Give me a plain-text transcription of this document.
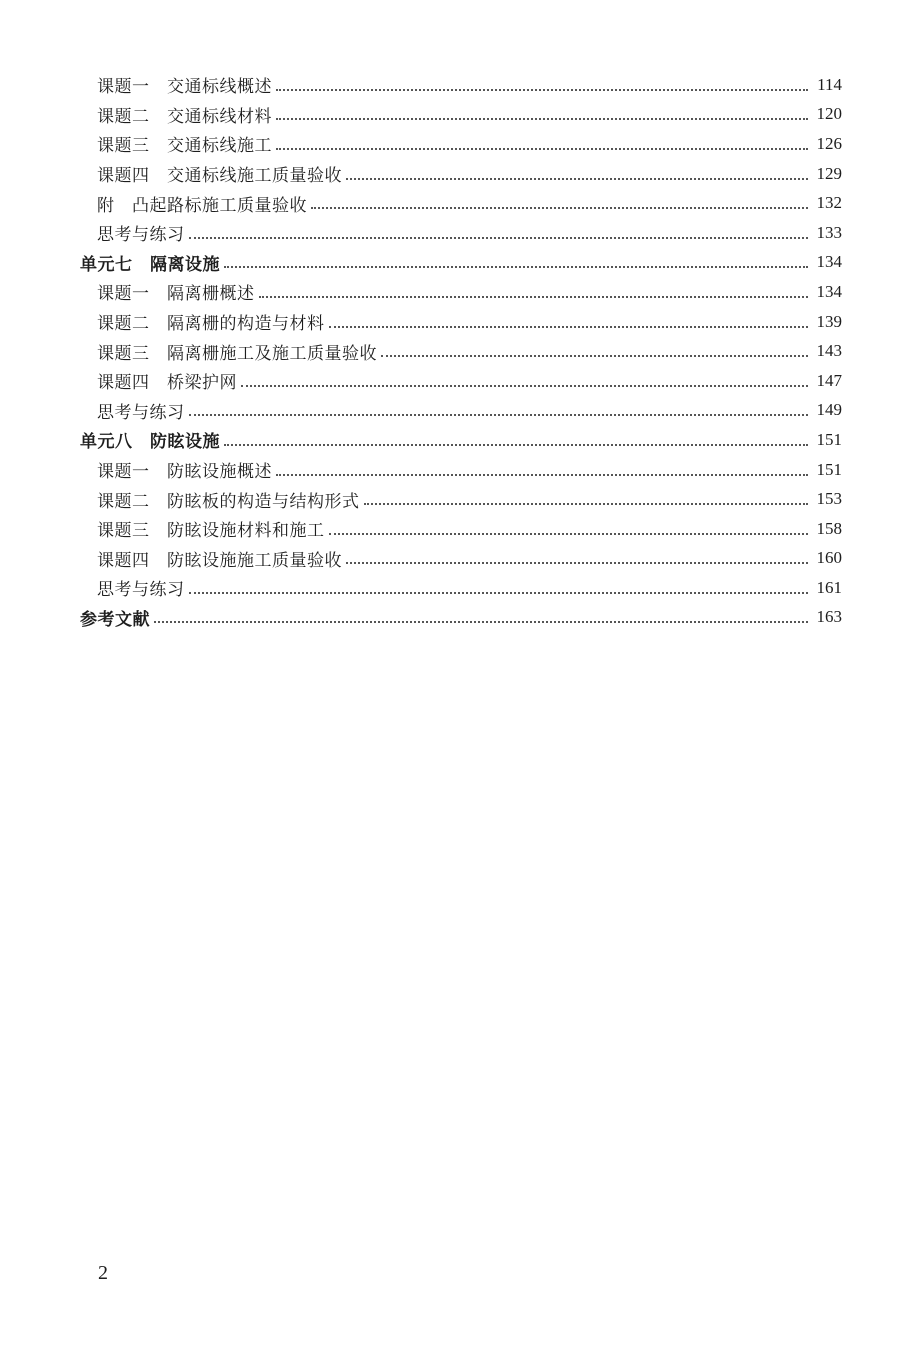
课题一　交通标线概述	114
课题二　交通标线材料	120
课题三　交通标线施工	126
课题四　交通标线施工质量验收	129
附　凸起路标施工质量验收	132
思考与练习	133
单元七　隔离设施	134
课题一　隔离栅概述	134
课题二　隔离栅的构造与材料	139
课题三　隔离栅施工及施工质量验收	143
课题四　桥梁护网	147
思考与练习	149
单元八　防眩设施	151
课题一　防眩设施概述	151
课题二　防眩板的构造与结构形式	153
课题三　防眩设施材料和施工	158
课题四　防眩设施施工质量验收	160
思考与练习	161
参考文献	163
2
